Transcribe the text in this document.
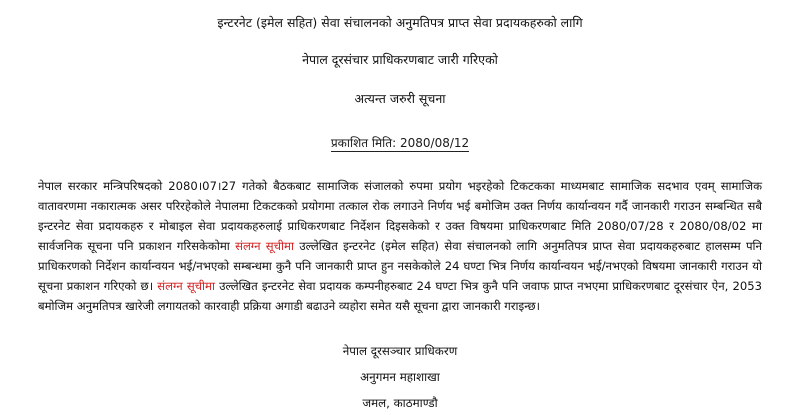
इन्टरनेट (इमेल सहित) सेवा संचालनको अनुमतिपत्र प्राप्त सेवा प्रदायकहरुको लागि
नेपाल दूरसंचार प्राधिकरणबाट जारी गरिएको
अत्यन्त जरुरी सूचना
प्रकाशित मिति: 2080/08/12
नेपाल सरकार मन्त्रिपरिषदको 2080।07।27 गतेको बैठकबाट सामाजिक संजालको रुपमा प्रयोग भइरहेको टिकटकका माध्यमबाट सामाजिक सदभाव एवम् सामाजिक वातावरणमा नकारात्मक असर परिरहेकोले नेपालमा टिकटकको प्रयोगमा तत्काल रोक लगाउने निर्णय भई बमोजिम उक्त निर्णय कार्यान्वयन गर्दै जानकारी गराउन सम्बन्धित सबै इन्टरनेट सेवा प्रदायकहरु र मोबाइल सेवा प्रदायकहरुलाई प्राधिकरणबाट निर्देशन दिइसकेको र उक्त विषयमा प्राधिकरणबाट मिति 2080/07/28 र 2080/08/02 मा सार्वजनिक सूचना पनि प्रकाशन गरिसकेकोमा संलग्न सूचीमा उल्लेखित इन्टरनेट (इमेल सहित) सेवा संचालनको लागि अनुमतिपत्र प्राप्त सेवा प्रदायकहरुबाट हालसम्म पनि प्राधिकरणको निर्देशन कार्यान्वयन भई/नभएको सम्बन्धमा कुनै पनि जानकारी प्राप्त हुन नसकेकोले 24 घण्टा भित्र निर्णय कार्यान्वयन भई/नभएको विषयमा जानकारी गराउन यो सूचना प्रकाशन गरिएको छ। संलग्न सूचीमा उल्लेखित इन्टरनेट सेवा प्रदायक कम्पनीहरुबाट 24 घण्टा भित्र कुनै पनि जवाफ प्राप्त नभएमा प्राधिकरणबाट दूरसंचार ऐन, 2053 बमोजिम अनुमतिपत्र खारेजी लगायतको कारवाही प्रक्रिया अगाडी बढाउने व्यहोरा समेत यसै सूचना द्वारा जानकारी गराइन्छ।
नेपाल दूरसञ्चार प्राधिकरण
अनुगमन महाशाखा
जमल, काठमाण्डौ
